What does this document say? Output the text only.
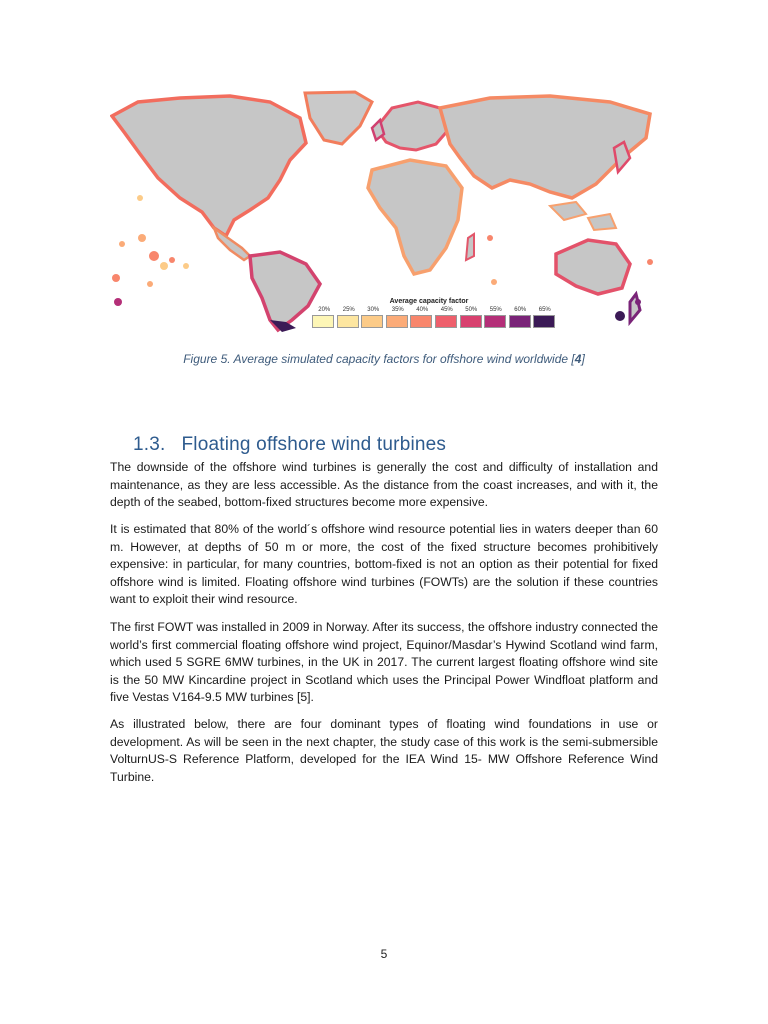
Average capacity factor
20%	25%	30%	35%	40%	45%	50%	55%	60%	65%
Figure 5. Average simulated capacity factors for offshore wind worldwide [4]
1.3. Floating offshore wind turbines

The downside of the offshore wind turbines is generally the cost and difficulty of installation and maintenance, as they are less accessible. As the distance from the coast increases, and with it, the depth of the seabed, bottom-fixed structures become more expensive.

It is estimated that 80% of the world´s offshore wind resource potential lies in waters deeper than 60 m. However, at depths of 50 m or more, the cost of the fixed structure becomes prohibitively expensive: in particular, for many countries, bottom-fixed is not an option as their potential for fixed offshore wind is limited. Floating offshore wind turbines (FOWTs) are the solution if these countries want to exploit their wind resource.

The first FOWT was installed in 2009 in Norway. After its success, the offshore industry connected the world’s first commercial floating offshore wind project, Equinor/Masdar’s Hywind Scotland wind farm, which used 5 SGRE 6MW turbines, in the UK in 2017. The current largest floating offshore wind site is the 50 MW Kincardine project in Scotland which uses the Principal Power Windfloat platform and five Vestas V164-9.5 MW turbines [5].

As illustrated below, there are four dominant types of floating wind foundations in use or development. As will be seen in the next chapter, the study case of this work is the semi-submersible VolturnUS-S Reference Platform, developed for the IEA Wind 15- MW Offshore Reference Wind Turbine.

5
